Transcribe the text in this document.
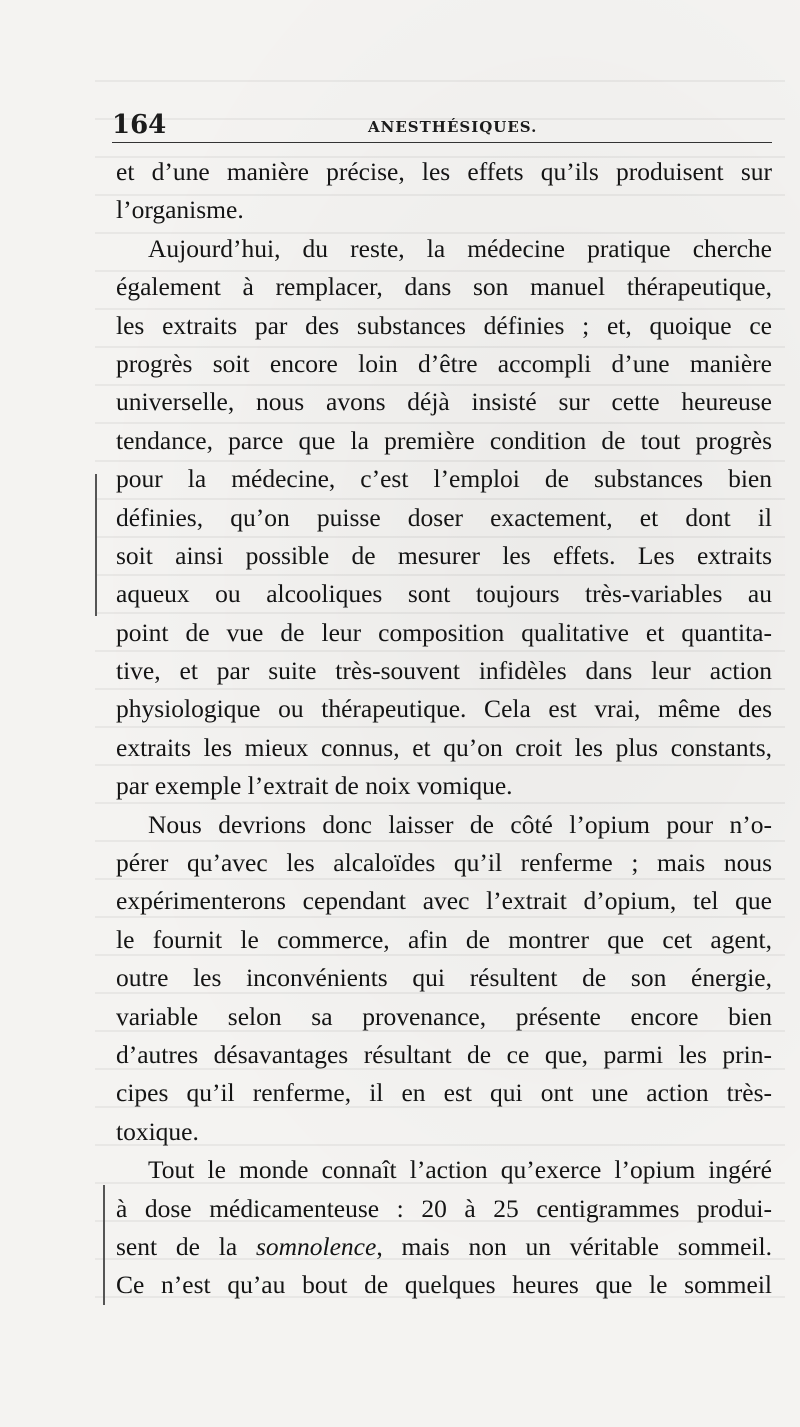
164	ANESTHÉSIQUES.
et d’une manière précise, les effets qu’ils produisent sur
l’organisme.
Aujourd’hui, du reste, la médecine pratique cherche
également à remplacer, dans son manuel thérapeutique,
les extraits par des substances définies ; et, quoique ce
progrès soit encore loin d’être accompli d’une manière
universelle, nous avons déjà insisté sur cette heureuse
tendance, parce que la première condition de tout progrès
pour la médecine, c’est l’emploi de substances bien
définies, qu’on puisse doser exactement, et dont il
soit ainsi possible de mesurer les effets. Les extraits
aqueux ou alcooliques sont toujours très-variables au
point de vue de leur composition qualitative et quantita-
tive, et par suite très-souvent infidèles dans leur action
physiologique ou thérapeutique. Cela est vrai, même des
extraits les mieux connus, et qu’on croit les plus constants,
par exemple l’extrait de noix vomique.
Nous devrions donc laisser de côté l’opium pour n’o-
pérer qu’avec les alcaloïdes qu’il renferme ; mais nous
expérimenterons cependant avec l’extrait d’opium, tel que
le fournit le commerce, afin de montrer que cet agent,
outre les inconvénients qui résultent de son énergie,
variable selon sa provenance, présente encore bien
d’autres désavantages résultant de ce que, parmi les prin-
cipes qu’il renferme, il en est qui ont une action très-
toxique.
Tout le monde connaît l’action qu’exerce l’opium ingéré
à dose médicamenteuse : 20 à 25 centigrammes produi-
sent de la somnolence, mais non un véritable sommeil.
Ce n’est qu’au bout de quelques heures que le sommeil
